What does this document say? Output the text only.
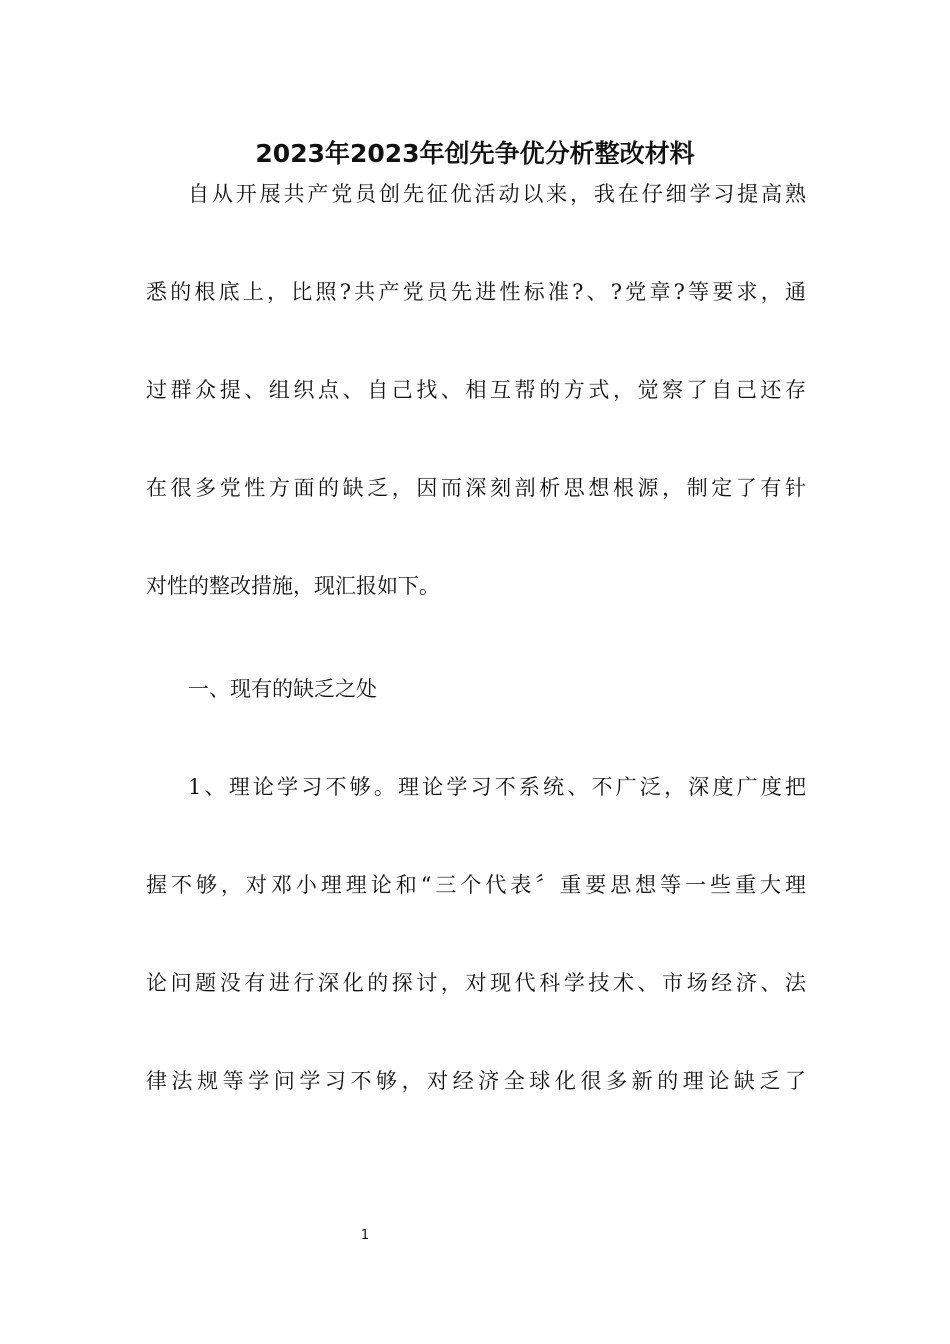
2023年2023年创先争优分析整改材料
自从开展共产党员创先征优活动以来，我在仔细学习提高熟
悉的根底上，比照?共产党员先进性标准?、?党章?等要求，通
过群众提、组织点、自己找、相互帮的方式，觉察了自己还存
在很多党性方面的缺乏，因而深刻剖析思想根源，制定了有针
对性的整改措施，现汇报如下。
一、现有的缺乏之处
1、理论学习不够。理论学习不系统、不广泛，深度广度把
握不够，对邓小理理论和“三个代表〞重要思想等一些重大理
论问题没有进行深化的探讨，对现代科学技术、市场经济、法
律法规等学问学习不够，对经济全球化很多新的理论缺乏了
1
